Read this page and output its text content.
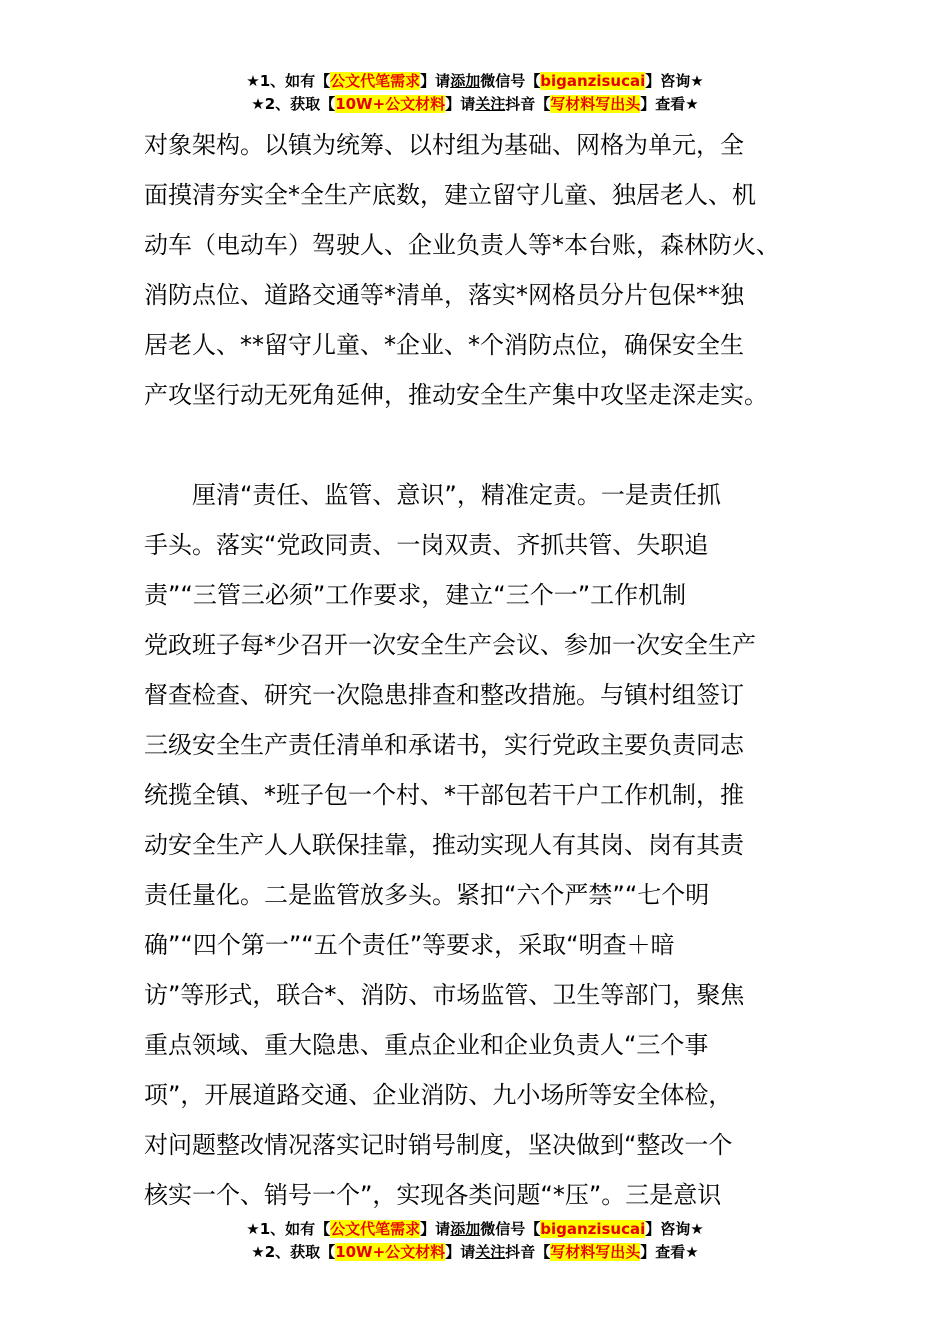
★1、如有【公文代笔需求】请添加微信号【biganzisucai】咨询★
★2、获取【10W+公文材料】请关注抖音【写材料写出头】查看★
对象架构。以镇为统筹、以村组为基础、网格为单元，全
面摸清夯实全*全生产底数，建立留守儿童、独居老人、机
动车（电动车）驾驶人、企业负责人等*本台账，森林防火、
消防点位、道路交通等*清单，落实*网格员分片包保**独
居老人、**留守儿童、*企业、*个消防点位，确保安全生
产攻坚行动无死角延伸，推动安全生产集中攻坚走深走实。
　　厘清“责任、监管、意识”，精准定责。一是责任抓
手头。落实“党政同责、一岗双责、齐抓共管、失职追
责”“三管三必须”工作要求，建立“三个一”工作机制
党政班子每*少召开一次安全生产会议、参加一次安全生产
督查检查、研究一次隐患排查和整改措施。与镇村组签订
三级安全生产责任清单和承诺书，实行党政主要负责同志
统揽全镇、*班子包一个村、*干部包若干户工作机制，推
动安全生产人人联保挂靠，推动实现人有其岗、岗有其责
责任量化。二是监管放多头。紧扣“六个严禁”“七个明
确”“四个第一”“五个责任”等要求，采取“明查＋暗
访”等形式，联合*、消防、市场监管、卫生等部门，聚焦
重点领域、重大隐患、重点企业和企业负责人“三个事
项”，开展道路交通、企业消防、九小场所等安全体检，
对问题整改情况落实记时销号制度，坚决做到“整改一个
核实一个、销号一个”，实现各类问题“*压”。三是意识
★1、如有【公文代笔需求】请添加微信号【biganzisucai】咨询★
★2、获取【10W+公文材料】请关注抖音【写材料写出头】查看★
